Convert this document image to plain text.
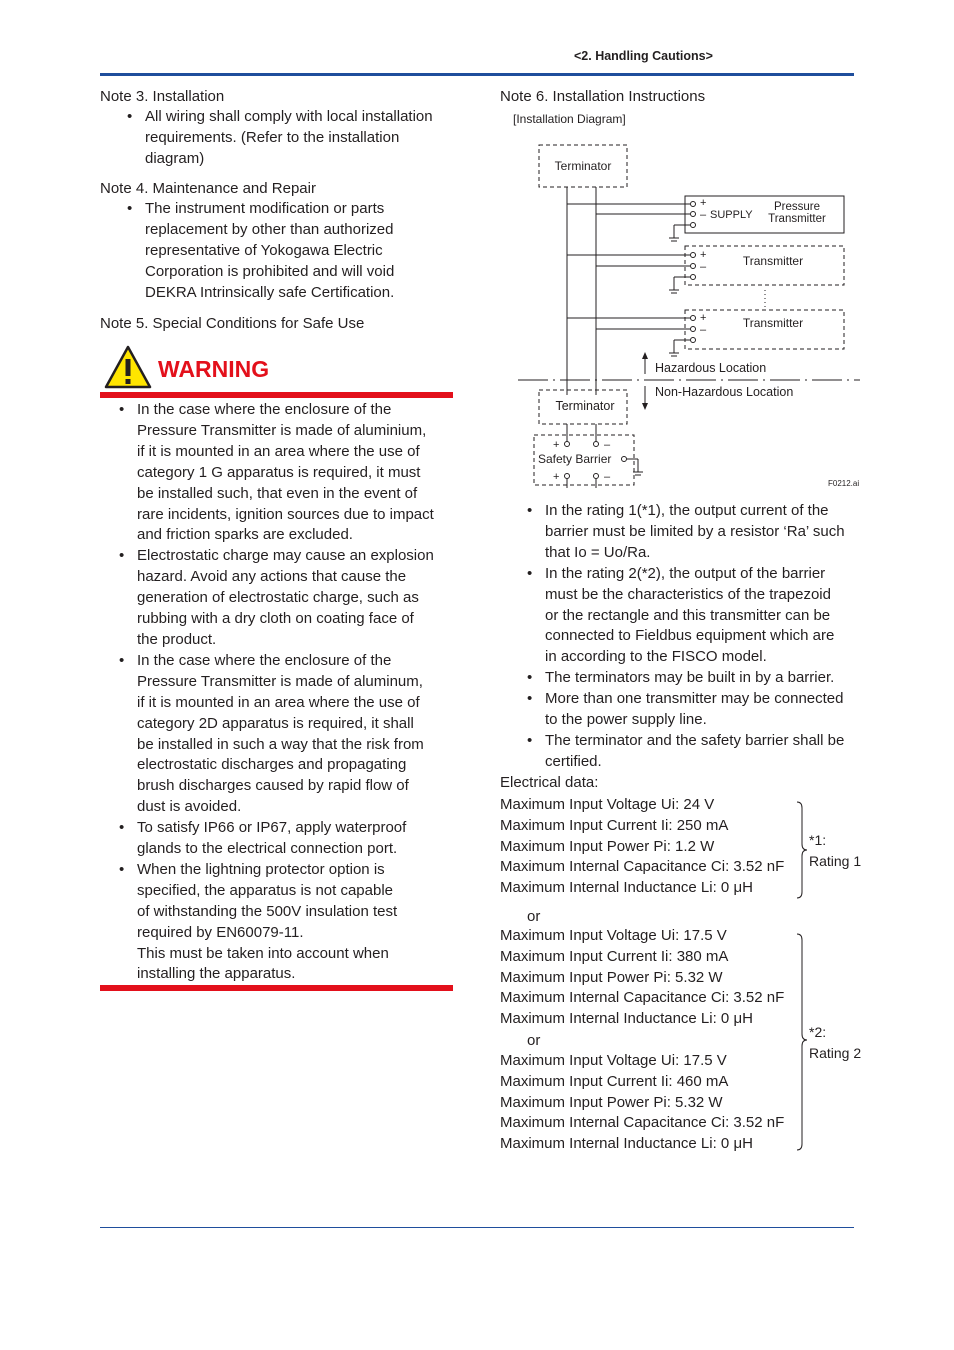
<2. Handling Cautions>
Note 3. Installation
• All wiring shall comply with local installation
requirements. (Refer to the installation
diagram)
Note 4. Maintenance and Repair
• The instrument modification or parts
replacement by other than authorized
representative of Yokogawa Electric
Corporation is prohibited and will void
DEKRA Intrinsically safe Certification.
Note 5. Special Conditions for Safe Use
WARNING
• In the case where the enclosure of the
Pressure Transmitter is made of aluminium,
if it is mounted in an area where the use of
category 1 G apparatus is required, it must
be installed such, that even in the event of
rare incidents, ignition sources due to impact
and friction sparks are excluded.
• Electrostatic charge may cause an explosion
hazard. Avoid any actions that cause the
generation of electrostatic charge, such as
rubbing with a dry cloth on coating face of
the product.
• In the case where the enclosure of the
Pressure Transmitter is made of aluminum,
if it is mounted in an area where the use of
category 2D apparatus is required, it shall
be installed in such a way that the risk from
electrostatic discharges and propagating
brush discharges caused by rapid flow of
dust is avoided.
• To satisfy IP66 or IP67, apply waterproof
glands to the electrical connection port.
• When the lightning protector option is
specified, the apparatus is not capable
of withstanding the 500V insulation test
required by EN60079-11.
This must be taken into account when
installing the apparatus.
Note 6. Installation Instructions
[Installation Diagram]
Terminator
+
– SUPPLY
Pressure
Transmitter
+
–	Transmitter
+
–	Transmitter
Hazardous Location
Non-Hazardous Location
Terminator
+	–
Safety Barrier
+	–
F0212.ai
• In the rating 1(*1), the output current of the
barrier must be limited by a resistor ‘Ra’ such
that Io = Uo/Ra.
• In the rating 2(*2), the output of the barrier
must be the characteristics of the trapezoid
or the rectangle and this transmitter can be
connected to Fieldbus equipment which are
in according to the FISCO model.
• The terminators may be built in by a barrier.
• More than one transmitter may be connected
to the power supply line.
• The terminator and the safety barrier shall be
certified.
Electrical data:
Maximum Input Voltage Ui: 24 V
Maximum Input Current Ii: 250 mA
Maximum Input Power Pi: 1.2 W
Maximum Internal Capacitance Ci: 3.52 nF
Maximum Internal Inductance Li: 0 μH
or
Maximum Input Voltage Ui: 17.5 V
Maximum Input Current Ii: 380 mA
Maximum Input Power Pi: 5.32 W
Maximum Internal Capacitance Ci: 3.52 nF
Maximum Internal Inductance Li: 0 μH
or
Maximum Input Voltage Ui: 17.5 V
Maximum Input Current Ii: 460 mA
Maximum Input Power Pi: 5.32 W
Maximum Internal Capacitance Ci: 3.52 nF
Maximum Internal Inductance Li: 0 μH
*1:
Rating 1
*2:
Rating 2
